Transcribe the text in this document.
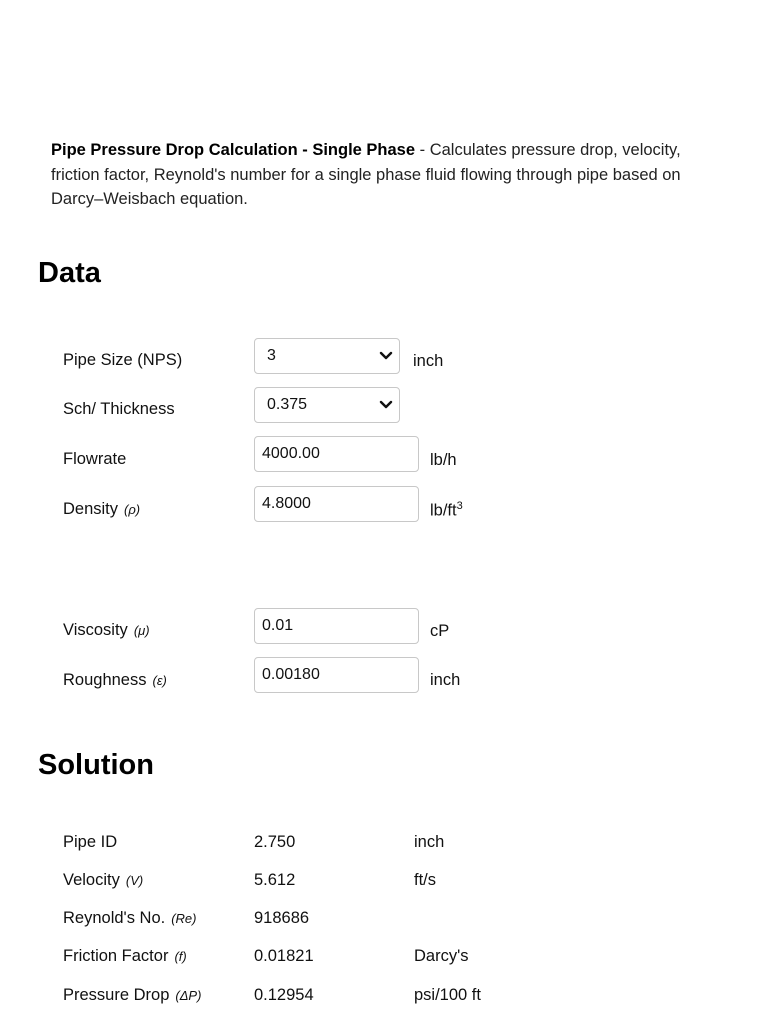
Pipe Pressure Drop Calculation - Single Phase - Calculates pressure drop, velocity, friction factor, Reynold's number for a single phase fluid flowing through pipe based on Darcy–Weisbach equation.
Data
Pipe Size (NPS)	3	inch
Sch/ Thickness	0.375
Flowrate	4000.00	lb/h
Density (ρ)	4.8000	$lb/ft^3$
Viscosity (μ)	0.01	cP
Roughness (ε)	0.00180	inch
Solution
Pipe ID	2.750	inch
Velocity (V)	5.612	ft/s
Reynold's No. (Re)	918686
Friction Factor (f)	0.01821	Darcy's
Pressure Drop (ΔP)	0.12954	psi/100 ft
